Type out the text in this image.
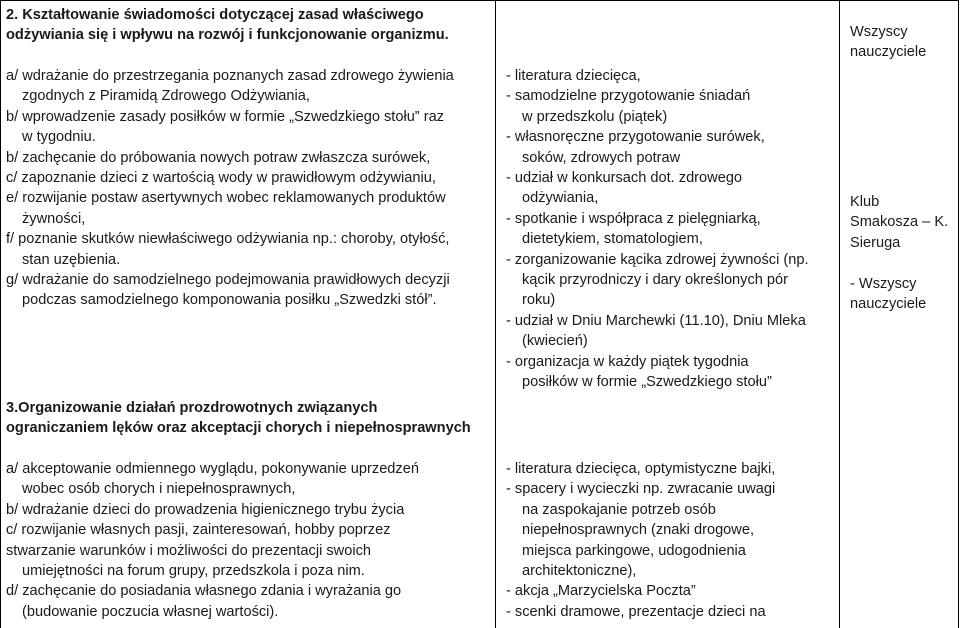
2. Kształtowanie świadomości dotyczącej zasad właściwego

odżywiania się i wpływu na rozwój i funkcjonowanie organizmu.

a/ wdrażanie do przestrzegania poznanych zasad zdrowego żywienia

zgodnych z Piramidą Zdrowego Odżywiania,

b/ wprowadzenie zasady posiłków w formie „Szwedzkiego stołu” raz

w tygodniu.

b/ zachęcanie do próbowania nowych potraw zwłaszcza surówek,

c/ zapoznanie dzieci z wartością wody w prawidłowym odżywianiu,

e/ rozwijanie postaw asertywnych wobec reklamowanych produktów

żywności,

f/ poznanie skutków niewłaściwego odżywiania np.: choroby, otyłość,

stan uzębienia.

g/ wdrażanie do samodzielnego podejmowania prawidłowych decyzji

podczas samodzielnego komponowania posiłku „Szwedzki stół”.

3.Organizowanie działań prozdrowotnych związanych

ograniczaniem lęków oraz akceptacji chorych i niepełnosprawnych

a/ akceptowanie odmiennego wyglądu, pokonywanie uprzedzeń

wobec osób chorych i niepełnosprawnych,

b/ wdrażanie dzieci do prowadzenia higienicznego trybu życia

c/ rozwijanie własnych pasji, zainteresowań, hobby poprzez

stwarzanie warunków i możliwości do prezentacji swoich

umiejętności na forum grupy, przedszkola i poza nim.

d/ zachęcanie do posiadania własnego zdania i wyrażania go

(budowanie poczucia własnej wartości).

- literatura dziecięca,

- samodzielne przygotowanie śniadań

w przedszkolu (piątek)

- własnoręczne przygotowanie surówek,

soków, zdrowych potraw

- udział w konkursach dot. zdrowego

odżywiania,

- spotkanie i współpraca z pielęgniarką,

dietetykiem, stomatologiem,

- zorganizowanie kącika zdrowej żywności (np.

kącik przyrodniczy i dary określonych pór

roku)

- udział w Dniu Marchewki (11.10), Dniu Mleka

(kwiecień)

- organizacja w każdy piątek tygodnia

posiłków w formie „Szwedzkiego stołu”

- literatura dziecięca, optymistyczne bajki,

- spacery i wycieczki np. zwracanie uwagi

na zaspokajanie potrzeb osób

niepełnosprawnych (znaki drogowe,

miejsca parkingowe, udogodnienia

architektoniczne),

- akcja „Marzycielska Poczta”

- scenki dramowe, prezentacje dzieci na

Wszyscy

nauczyciele

Klub

Smakosza – K.

Sieruga

- Wszyscy

nauczyciele
